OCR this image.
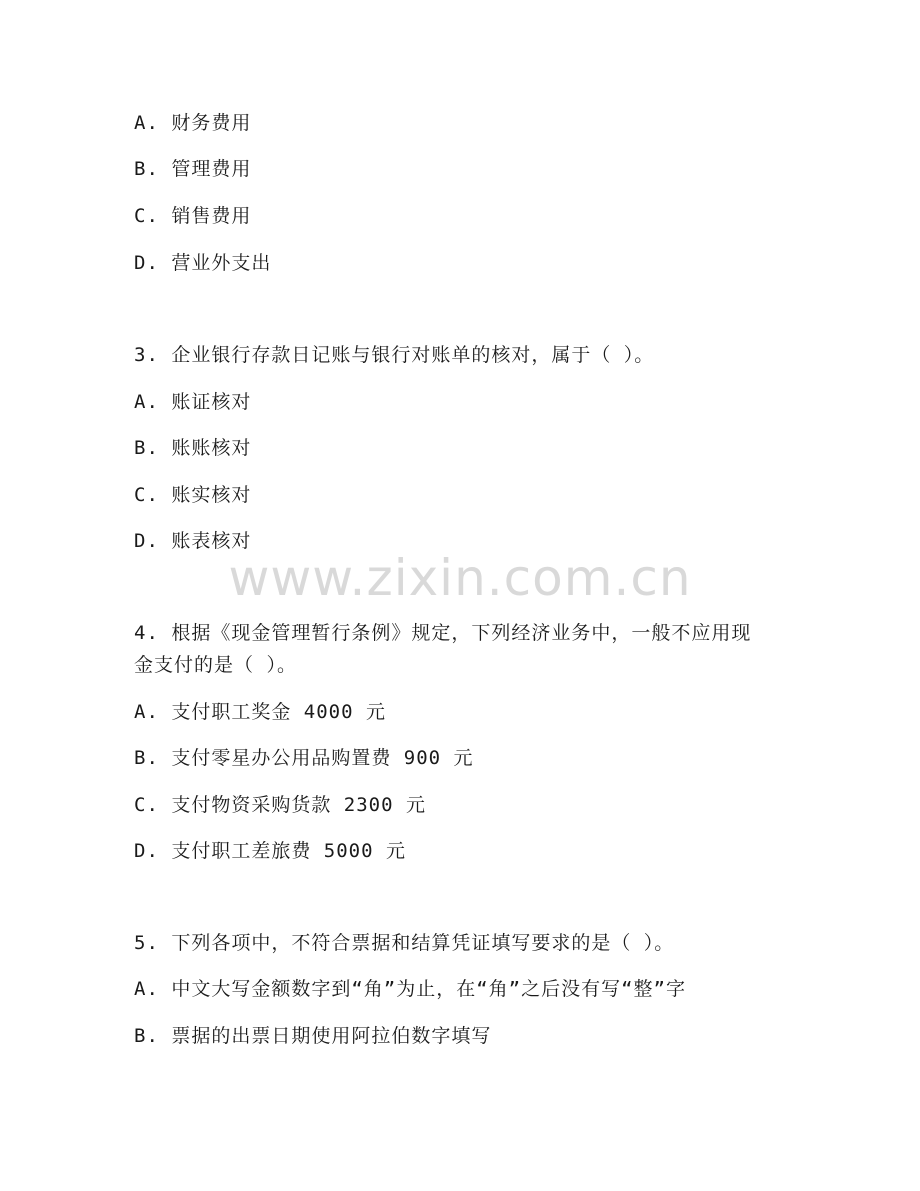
A. 财务费用
B. 管理费用
C. 销售费用
D. 营业外支出
3. 企业银行存款日记账与银行对账单的核对，属于（ ）。
A. 账证核对
B. 账账核对
C. 账实核对
D. 账表核对
www.zixin.com.cn
4. 根据《现金管理暂行条例》规定，下列经济业务中，一般不应用现
金支付的是（ ）。
A. 支付职工奖金 4000 元
B. 支付零星办公用品购置费 900 元
C. 支付物资采购货款 2300 元
D. 支付职工差旅费 5000 元
5. 下列各项中，不符合票据和结算凭证填写要求的是（ ）。
A. 中文大写金额数字到“角”为止，在“角”之后没有写“整”字
B. 票据的出票日期使用阿拉伯数字填写
